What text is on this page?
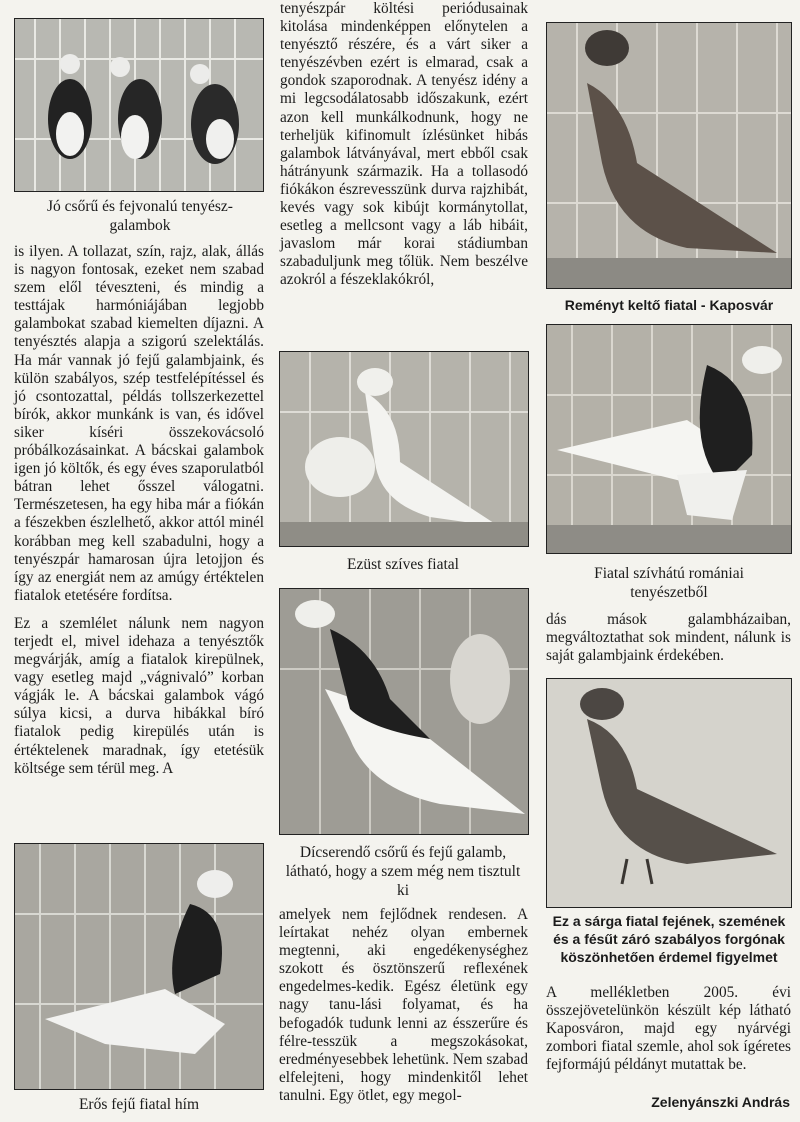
Jó csőrű és fejvonalú tenyész-galambok

is ilyen. A tollazat, szín, rajz, alak, állás is nagyon fontosak, ezeket nem szabad szem elől téveszteni, és mindig a testtájak harmóniájában legjobb galambokat szabad kiemelten díjazni. A tenyésztés alapja a szigorú szelektálás. Ha már vannak jó fejű galambjaink, és külön szabályos, szép testfelépítéssel és jó csontozattal, példás tollszerkezettel bírók, akkor munkánk is van, és idővel siker kíséri összekovácsoló próbálkozásainkat. A bácskai galambok igen jó költők, és egy éves szaporulatból bátran lehet ősszel válogatni. Természetesen, ha egy hiba már a fiókán a fészekben észlelhető, akkor attól minél korábban meg kell szabadulni, hogy a tenyészpár hamarosan újra letojjon és így az energiát nem az amúgy értéktelen fiatalok etetésére fordítsa.

Ez a szemlélet nálunk nem nagyon terjedt el, mivel idehaza a tenyésztők megvárják, amíg a fiatalok kirepülnek, vagy esetleg majd „vágnivaló” korban vágják le. A bácskai galambok vágó súlya kicsi, a durva hibákkal bíró fiatalok pedig kirepülés után is értéktelenek maradnak, így etetésük költsége sem térül meg. A

Erős fejű fiatal hím
tenyészpár költési periódusainak kitolása mindenképpen előnytelen a tenyésztő részére, és a várt siker a tenyészévben ezért is elmarad, csak a gondok szaporodnak. A tenyész idény a mi legcsodálatosabb időszakunk, ezért azon kell munkálkodnunk, hogy ne terheljük kifinomult ízlésünket hibás galambok látványával, mert ebből csak hátrányunk származik. Ha a tollasodó fiókákon észrevesszünk durva rajzhibát, kevés vagy sok kibújt kormánytollat, esetleg a mellcsont vagy a láb hibáit, javaslom már korai stádiumban szabaduljunk meg tőlük. Nem beszélve azokról a fészeklakókról,
Ezüst szíves fiatal
Dícserendő csőrű és fejű galamb, látható, hogy a szem még nem tisztult ki
amelyek nem fejlődnek rendesen. A leírtakat nehéz olyan embernek megtenni, aki engedékenységhez szokott és ösztönszerű reflexének engedelmes-kedik. Egész életünk egy nagy tanu-lási folyamat, és ha befogadók tudunk lenni az ésszerűre és félre-tesszük a megszokásokat, eredményesebbek lehetünk. Nem szabad elfelejteni, hogy mindenkitől lehet tanulni. Egy ötlet, egy megol-
Reményt keltő fiatal - Kaposvár
Fiatal szívhátú romániai tenyészetből
dás mások galambházaiban, megváltoztathat sok mindent, nálunk is saját galambjaink érdekében.
Ez a sárga fiatal fejének, szemének és a fésűt záró szabályos forgónak köszönhetően érdemel figyelmet
A mellékletben 2005. évi összejövetelünkön készült kép látható Kaposváron, majd egy nyárvégi zombori fiatal szemle, ahol sok ígéretes fejformájú példányt mutattak be.
Zelenyánszki András
